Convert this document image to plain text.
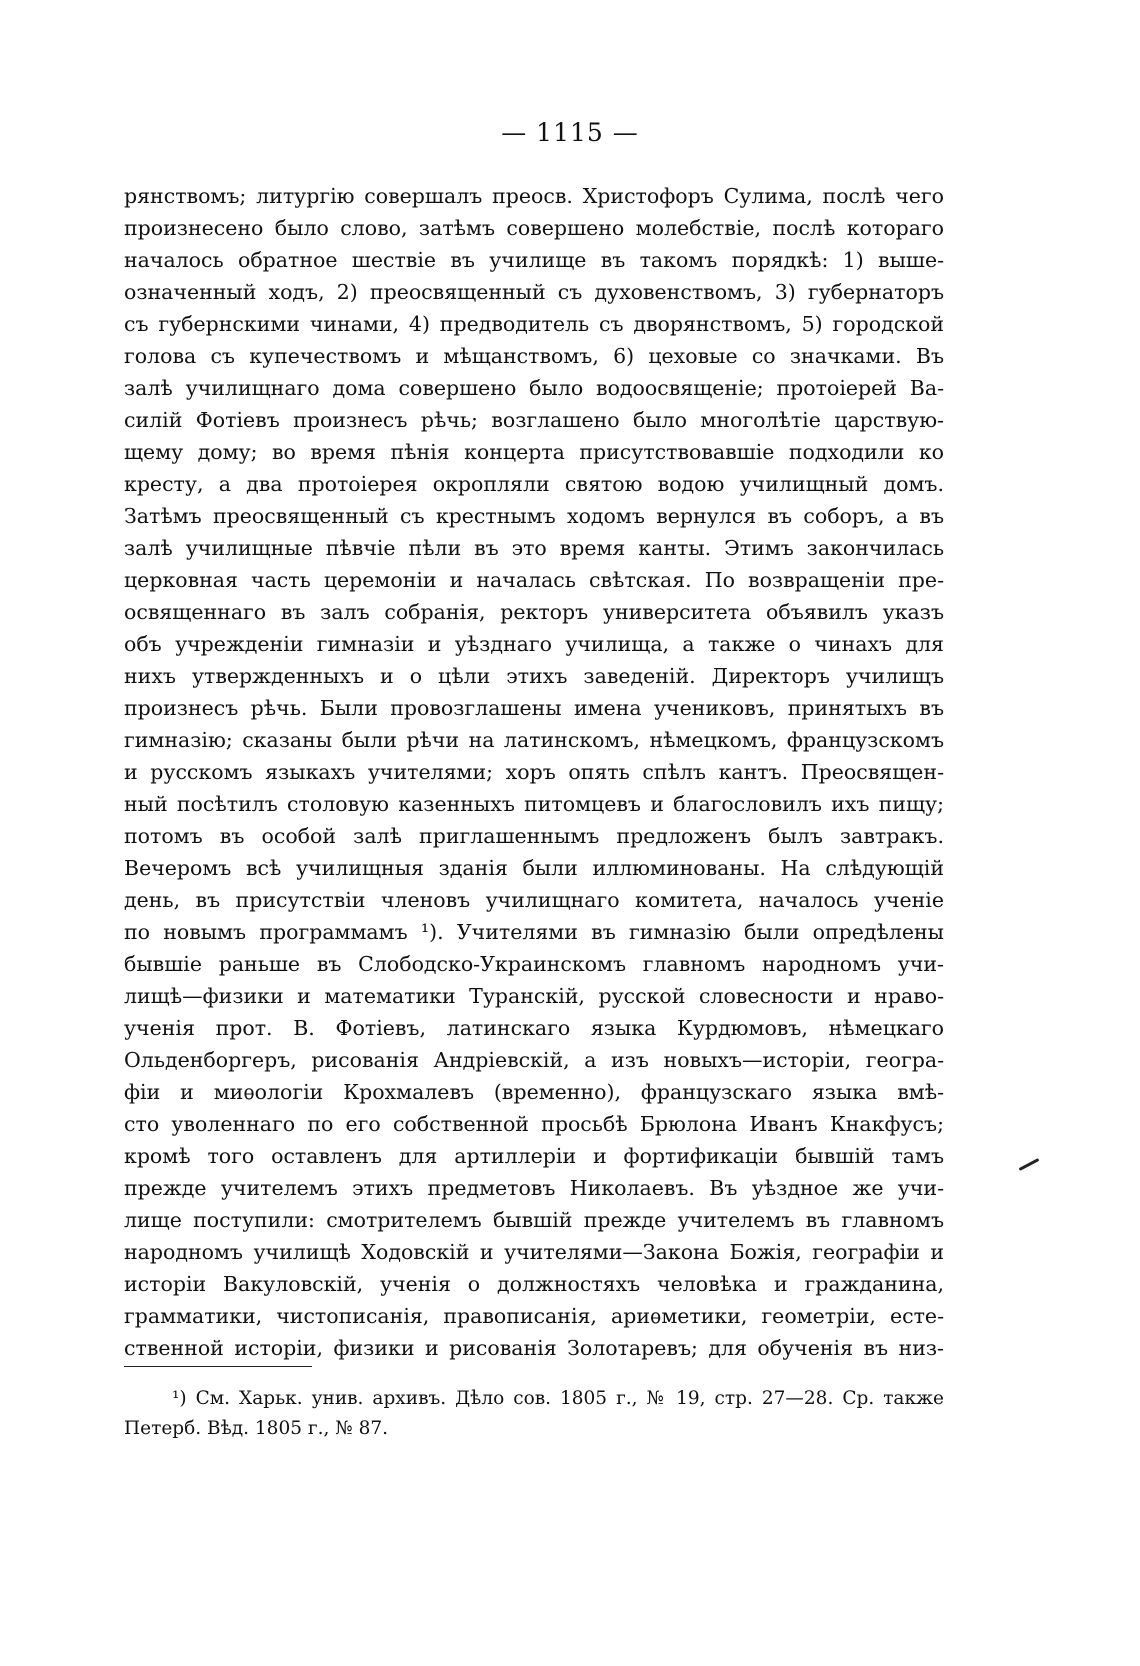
— 1115 —
рянствомъ; литургію совершалъ преосв. Христофоръ Сулима, послѣ чего
произнесено было слово, затѣмъ совершено молебствіе, послѣ котораго
началось обратное шествіе въ училище въ такомъ порядкѣ: 1) выше-
означенный ходъ, 2) преосвященный съ духовенствомъ, 3) губернаторъ
съ губернскими чинами, 4) предводитель съ дворянствомъ, 5) городской
голова съ купечествомъ и мѣщанствомъ, 6) цеховые со значками. Въ
залѣ училищнаго дома совершено было водоосвященіе; протоіерей Ва-
силій Фотіевъ произнесъ рѣчь; возглашено было многолѣтіе царствую-
щему дому; во время пѣнія концерта присутствовавшіе подходили ко
кресту, а два протоіерея окропляли святою водою училищный домъ.
Затѣмъ преосвященный съ крестнымъ ходомъ вернулся въ соборъ, а въ
залѣ училищные пѣвчіе пѣли въ это время канты. Этимъ закончилась
церковная часть церемоніи и началась свѣтская. По возвращеніи пре-
освященнаго въ залъ собранія, ректоръ университета объявилъ указъ
объ учрежденіи гимназіи и уѣзднаго училища, а также о чинахъ для
нихъ утвержденныхъ и о цѣли этихъ заведеній. Директоръ училищъ
произнесъ рѣчь. Были провозглашены имена учениковъ, принятыхъ въ
гимназію; сказаны были рѣчи на латинскомъ, нѣмецкомъ, французскомъ
и русскомъ языкахъ учителями; хоръ опять спѣлъ кантъ. Преосвящен-
ный посѣтилъ столовую казенныхъ питомцевъ и благословилъ ихъ пищу;
потомъ въ особой залѣ приглашеннымъ предложенъ былъ завтракъ.
Вечеромъ всѣ училищныя зданія были иллюминованы. На слѣдующій
день, въ присутствіи членовъ училищнаго комитета, началось ученіе
по новымъ программамъ ¹). Учителями въ гимназію были опредѣлены
бывшіе раньше въ Слободско-Украинскомъ главномъ народномъ учи-
лищѣ—физики и математики Туранскій, русской словесности и нраво-
ученія прот. В. Фотіевъ, латинскаго языка Курдюмовъ, нѣмецкаго
Ольденборгеръ, рисованія Андріевскій, а изъ новыхъ—исторіи, геогра-
фіи и миѳологіи Крохмалевъ (временно), французскаго языка вмѣ-
сто уволеннаго по его собственной просьбѣ Брюлона Иванъ Кнакфусъ;
кромѣ того оставленъ для артиллеріи и фортификаціи бывшій тамъ
прежде учителемъ этихъ предметовъ Николаевъ. Въ уѣздное же учи-
лище поступили: смотрителемъ бывшій прежде учителемъ въ главномъ
народномъ училищѣ Ходовскій и учителями—Закона Божія, географіи и
исторіи Вакуловскій, ученія о должностяхъ человѣка и гражданина,
грамматики, чистописанія, правописанія, ариѳметики, геометріи, есте-
ственной исторіи, физики и рисованія Золотаревъ; для обученія въ низ-
¹) См. Харьк. унив. архивъ. Дѣло сов. 1805 г., № 19, стр. 27—28. Ср. также
Петерб. Вѣд. 1805 г., № 87.
